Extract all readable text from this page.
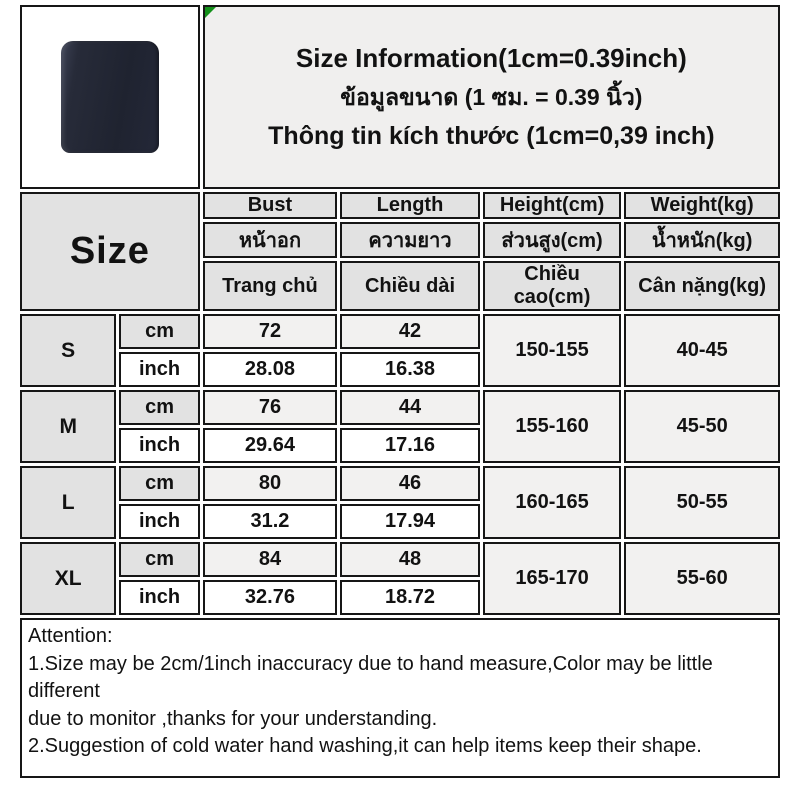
		Size Information(1cm=0.39inch)
ข้อมูลขนาด (1 ซม. = 0.39 นิ้ว)
Thông tin kích thước (1cm=0,39 inch)			

Size		Bust	Length	Height(cm)	Weight(kg)
		หน้าอก	ความยาว	ส่วนสูง(cm)	น้ำหนัก(kg)
		Trang chủ	Chiều dài	Chiều cao(cm)	Cân nặng(kg)
S	cm	72	42	150-155	40-45
	inch	28.08	16.38		
M	cm	76	44	155-160	45-50
	inch	29.64	17.16		
L	cm	80	46	160-165	50-55
	inch	31.2	17.94		
XL	cm	84	48	165-170	55-60
	inch	32.76	18.72		

Attention:
1.Size may be 2cm/1inch inaccuracy due to hand measure,Color may be little different
due to monitor ,thanks for your understanding.
2.Suggestion of cold water hand washing,it can help items keep their shape.					
